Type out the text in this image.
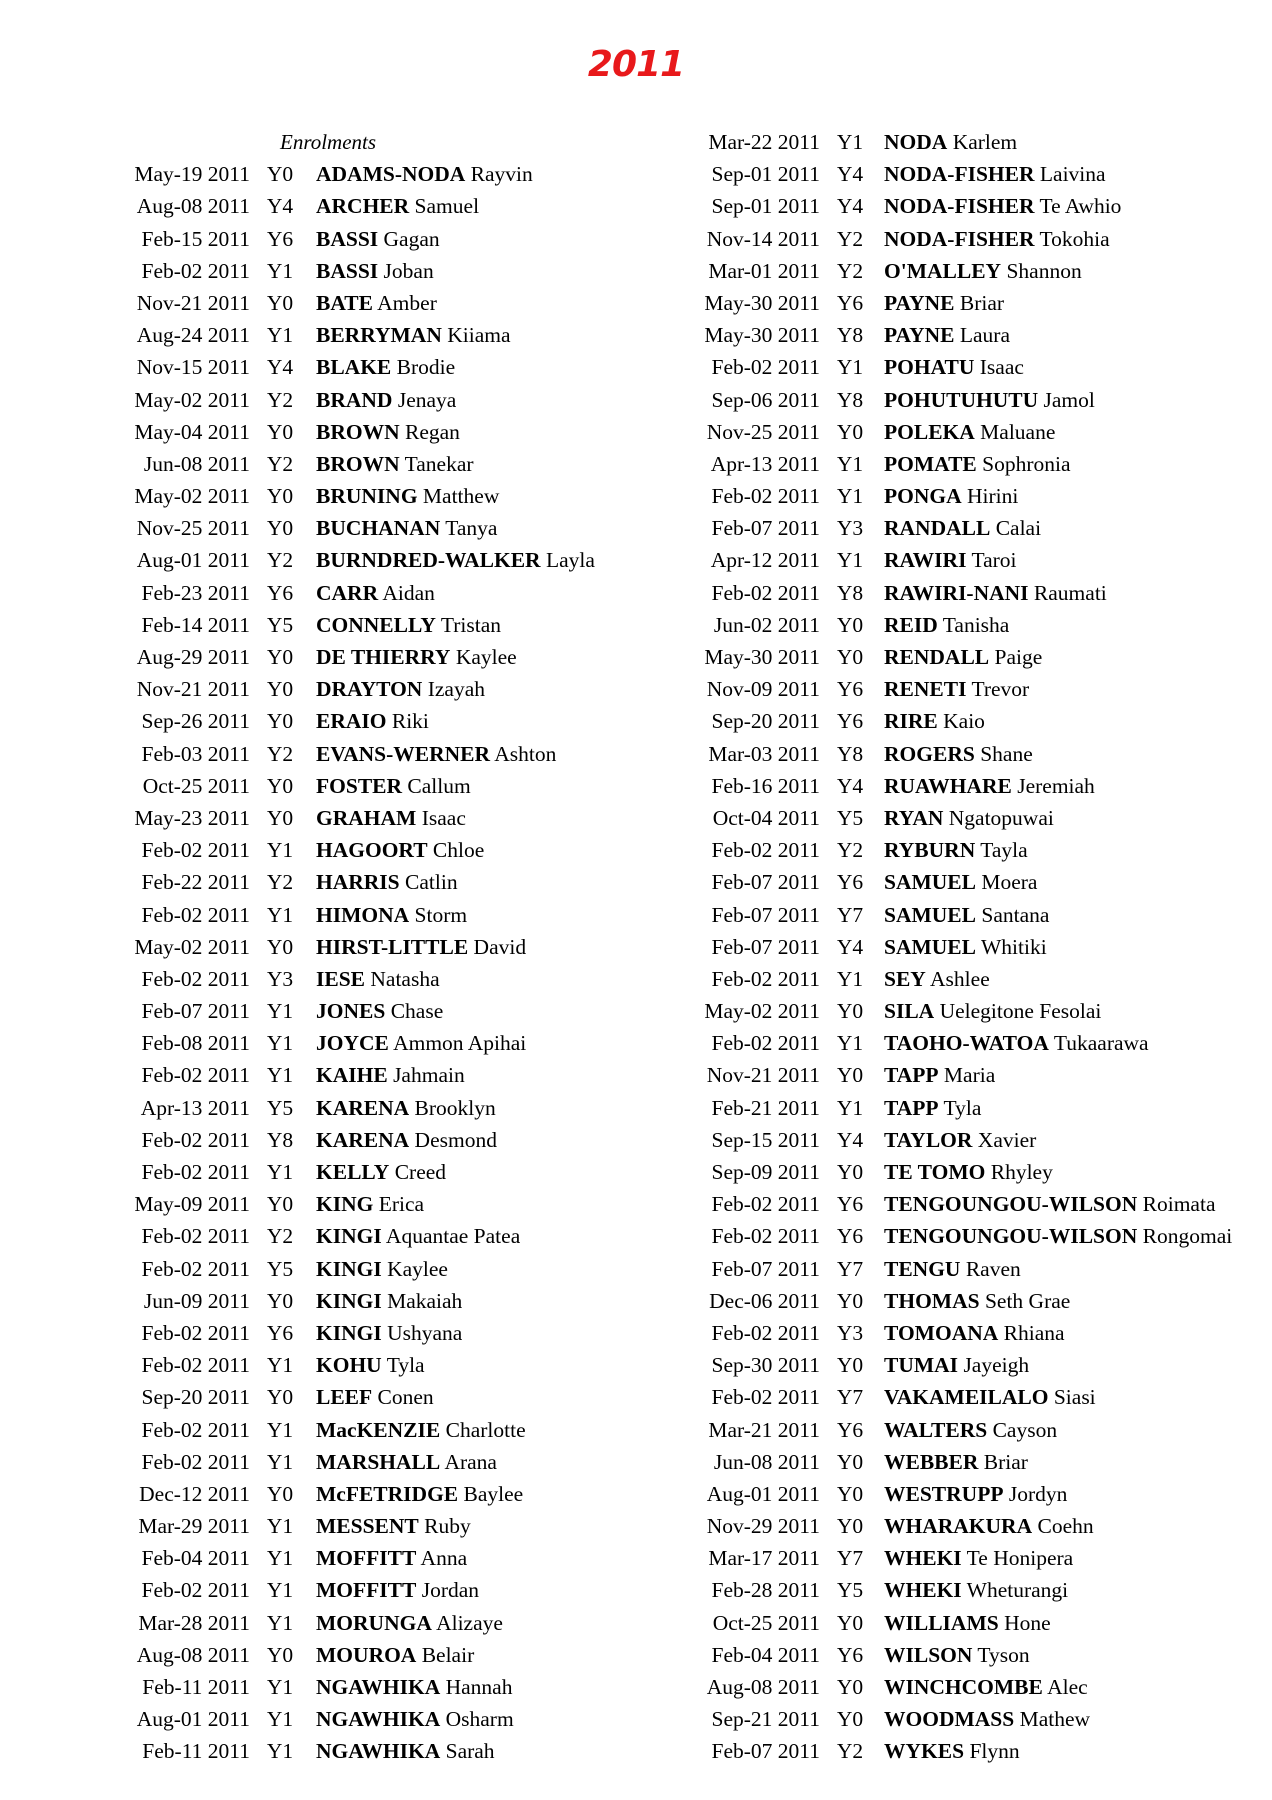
2011
Enrolments
May-19 2011 Y0	ADAMS-NODA Rayvin
Aug-08 2011 Y4	ARCHER Samuel
Feb-15 2011 Y6	BASSI Gagan
Feb-02 2011 Y1	BASSI Joban
Nov-21 2011 Y0	BATE Amber
Aug-24 2011 Y1	BERRYMAN Kiiama
Nov-15 2011 Y4	BLAKE Brodie
May-02 2011 Y2	BRAND Jenaya
May-04 2011 Y0	BROWN Regan
Jun-08 2011 Y2	BROWN Tanekar
May-02 2011 Y0	BRUNING Matthew
Nov-25 2011 Y0	BUCHANAN Tanya
Aug-01 2011 Y2	BURNDRED-WALKER Layla
Feb-23 2011 Y6	CARR Aidan
Feb-14 2011 Y5	CONNELLY Tristan
Aug-29 2011 Y0	DE THIERRY Kaylee
Nov-21 2011 Y0	DRAYTON Izayah
Sep-26 2011 Y0	ERAIO Riki
Feb-03 2011 Y2	EVANS-WERNER Ashton
Oct-25 2011 Y0	FOSTER Callum
May-23 2011 Y0	GRAHAM Isaac
Feb-02 2011 Y1	HAGOORT Chloe
Feb-22 2011 Y2	HARRIS Catlin
Feb-02 2011 Y1	HIMONA Storm
May-02 2011 Y0	HIRST-LITTLE David
Feb-02 2011 Y3	IESE Natasha
Feb-07 2011 Y1	JONES Chase
Feb-08 2011 Y1	JOYCE Ammon Apihai
Feb-02 2011 Y1	KAIHE Jahmain
Apr-13 2011 Y5	KARENA Brooklyn
Feb-02 2011 Y8	KARENA Desmond
Feb-02 2011 Y1	KELLY Creed
May-09 2011 Y0	KING Erica
Feb-02 2011 Y2	KINGI Aquantae Patea
Feb-02 2011 Y5	KINGI Kaylee
Jun-09 2011 Y0	KINGI Makaiah
Feb-02 2011 Y6	KINGI Ushyana
Feb-02 2011 Y1	KOHU Tyla
Sep-20 2011 Y0	LEEF Conen
Feb-02 2011 Y1	MacKENZIE Charlotte
Feb-02 2011 Y1	MARSHALL Arana
Dec-12 2011 Y0	McFETRIDGE Baylee
Mar-29 2011 Y1	MESSENT Ruby
Feb-04 2011 Y1	MOFFITT Anna
Feb-02 2011 Y1	MOFFITT Jordan
Mar-28 2011 Y1	MORUNGA Alizaye
Aug-08 2011 Y0	MOUROA Belair
Feb-11 2011 Y1	NGAWHIKA Hannah
Aug-01 2011 Y1	NGAWHIKA Osharm
Feb-11 2011 Y1	NGAWHIKA Sarah
Mar-22 2011 Y1 NODA Karlem
Sep-01 2011 Y4 NODA-FISHER Laivina
Sep-01 2011 Y4 NODA-FISHER Te Awhio
Nov-14 2011 Y2 NODA-FISHER Tokohia
Mar-01 2011 Y2 O'MALLEY Shannon
May-30 2011 Y6 PAYNE Briar
May-30 2011 Y8 PAYNE Laura
Feb-02 2011 Y1 POHATU Isaac
Sep-06 2011 Y8 POHUTUHUTU Jamol
Nov-25 2011 Y0 POLEKA Maluane
Apr-13 2011 Y1 POMATE Sophronia
Feb-02 2011 Y1 PONGA Hirini
Feb-07 2011 Y3 RANDALL Calai
Apr-12 2011 Y1 RAWIRI Taroi
Feb-02 2011 Y8 RAWIRI-NANI Raumati
Jun-02 2011 Y0 REID Tanisha
May-30 2011 Y0 RENDALL Paige
Nov-09 2011 Y6 RENETI Trevor
Sep-20 2011 Y6 RIRE Kaio
Mar-03 2011 Y8 ROGERS Shane
Feb-16 2011 Y4 RUAWHARE Jeremiah
Oct-04 2011 Y5 RYAN Ngatopuwai
Feb-02 2011 Y2 RYBURN Tayla
Feb-07 2011 Y6 SAMUEL Moera
Feb-07 2011 Y7 SAMUEL Santana
Feb-07 2011 Y4 SAMUEL Whitiki
Feb-02 2011 Y1 SEY Ashlee
May-02 2011 Y0 SILA Uelegitone Fesolai
Feb-02 2011 Y1 TAOHO-WATOA Tukaarawa
Nov-21 2011 Y0 TAPP Maria
Feb-21 2011 Y1 TAPP Tyla
Sep-15 2011 Y4 TAYLOR Xavier
Sep-09 2011 Y0 TE TOMO Rhyley
Feb-02 2011 Y6 TENGOUNGOU-WILSON Roimata
Feb-02 2011 Y6 TENGOUNGOU-WILSON Rongomai
Feb-07 2011 Y7 TENGU Raven
Dec-06 2011 Y0 THOMAS Seth Grae
Feb-02 2011 Y3 TOMOANA Rhiana
Sep-30 2011 Y0 TUMAI Jayeigh
Feb-02 2011 Y7 VAKAMEILALO Siasi
Mar-21 2011 Y6 WALTERS Cayson
Jun-08 2011 Y0 WEBBER Briar
Aug-01 2011 Y0 WESTRUPP Jordyn
Nov-29 2011 Y0 WHARAKURA Coehn
Mar-17 2011 Y7 WHEKI Te Honipera
Feb-28 2011 Y5 WHEKI Wheturangi
Oct-25 2011 Y0 WILLIAMS Hone
Feb-04 2011 Y6 WILSON Tyson
Aug-08 2011 Y0 WINCHCOMBE Alec
Sep-21 2011 Y0 WOODMASS Mathew
Feb-07 2011 Y2 WYKES Flynn
